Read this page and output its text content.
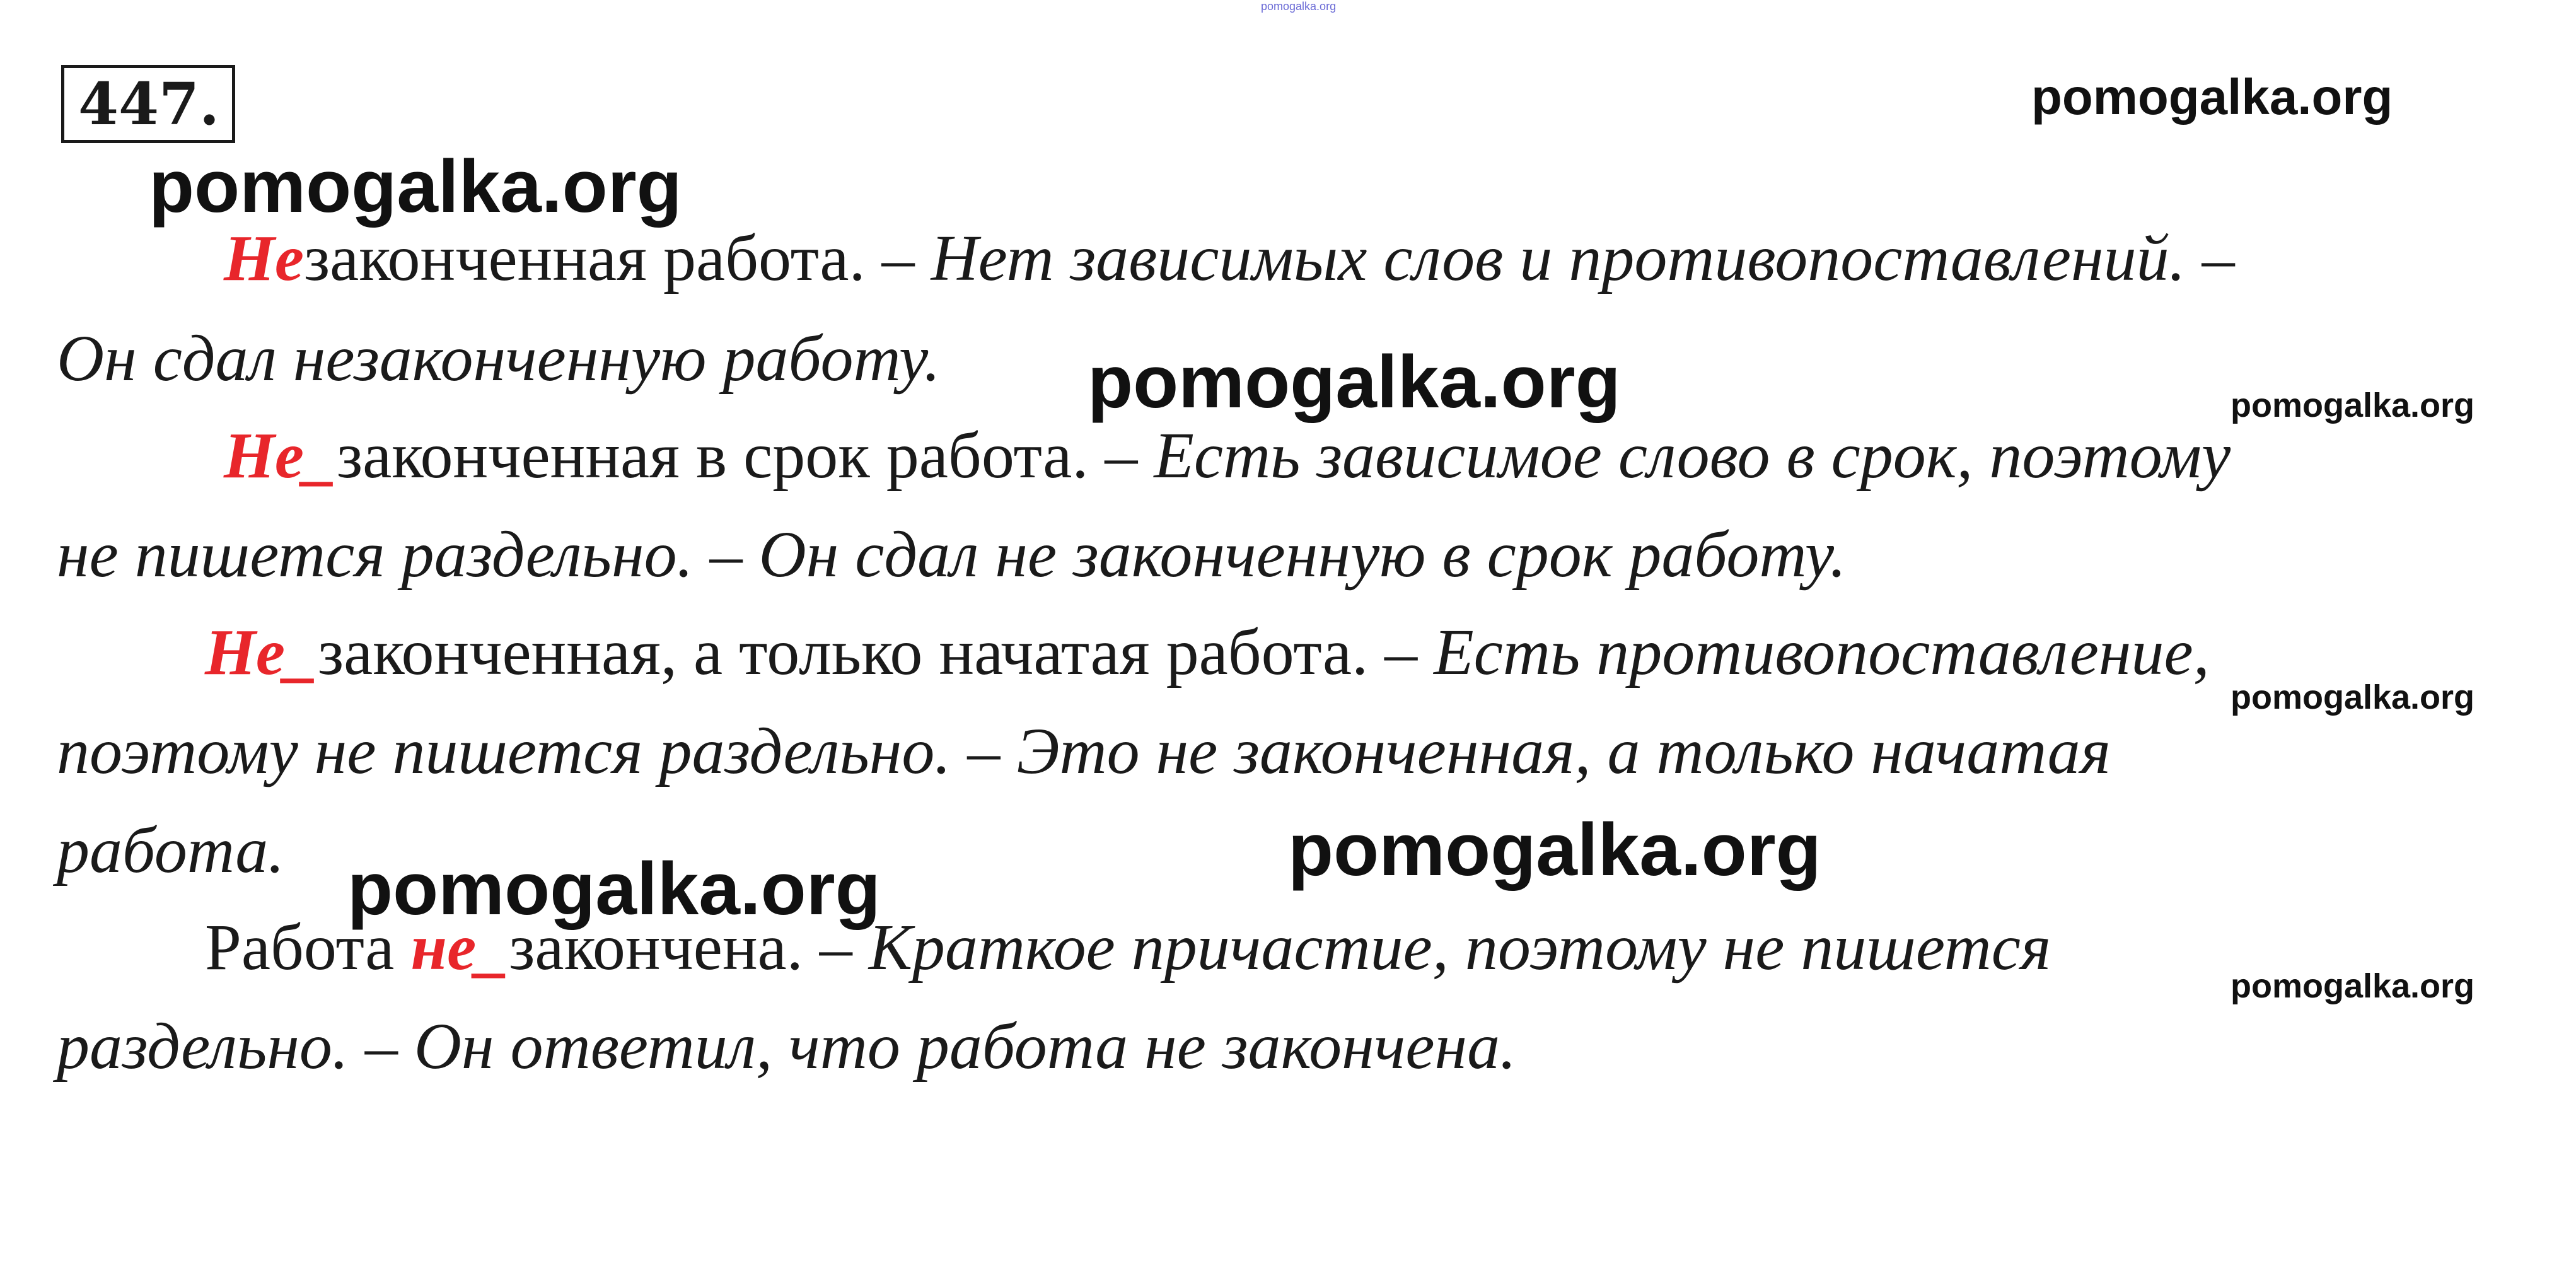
pomogalka.org
447.
Незаконченная работа. – Нет зависимых слов и противопоставлений. –
Он сдал незаконченную работу.
Не_законченная в срок работа. – Есть зависимое слово в срок, поэтому
не пишется раздельно. – Он сдал не законченную в срок работу.
Не_законченная, а только начатая работа. – Есть противопоставление,
поэтому не пишется раздельно. – Это не законченная, а только начатая
работа.
Работа не_закончена. – Краткое причастие, поэтому не пишется
раздельно. – Он ответил, что работа не закончена.
pomogalka.org
pomogalka.org
pomogalka.org	pomogalka.org
pomogalka.org
pomogalka.org
pomogalka.org
pomogalka.org
